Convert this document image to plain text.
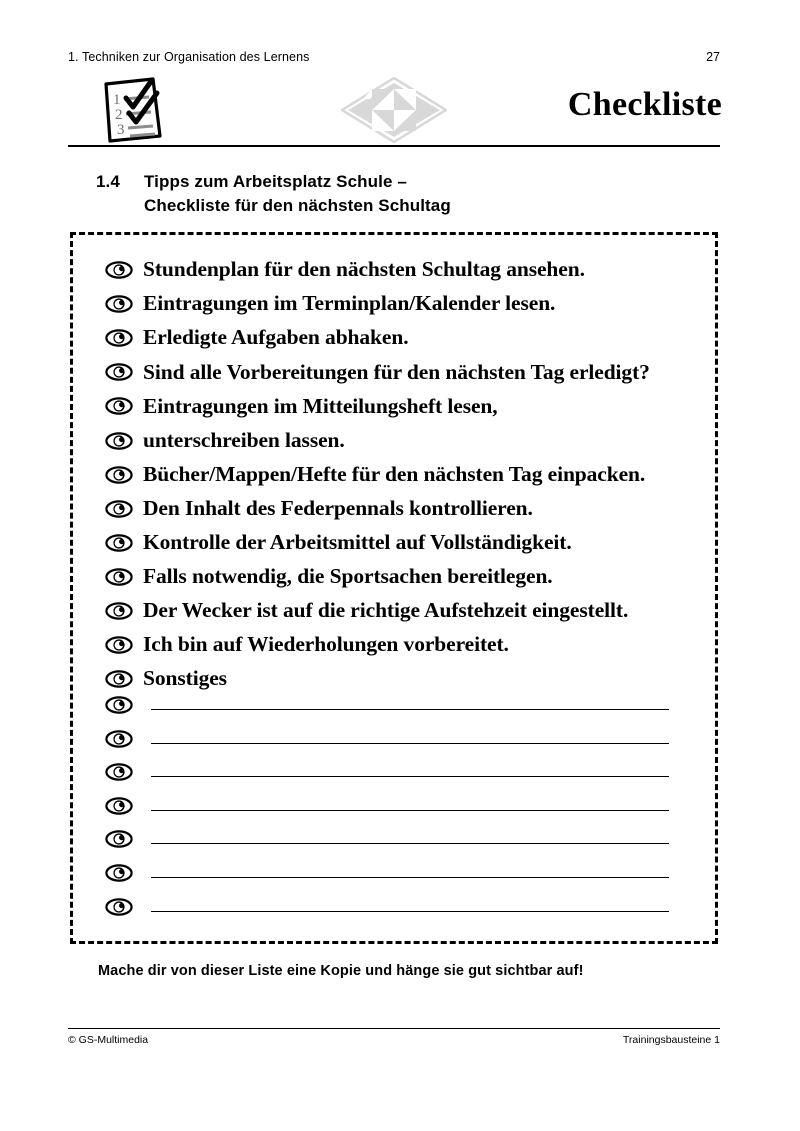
1. Techniken zur Organisation des Lernens	27
1
2
3
Checkliste
1.4	Tipps zum Arbeitsplatz Schule –
Checkliste für den nächsten Schultag
Stundenplan für den nächsten Schultag ansehen.
Eintragungen im Terminplan/Kalender lesen.
Erledigte Aufgaben abhaken.
Sind alle Vorbereitungen für den nächsten Tag erledigt?
Eintragungen im Mitteilungsheft lesen,
unterschreiben lassen.
Bücher/Mappen/Hefte für den nächsten Tag einpacken.
Den Inhalt des Federpennals kontrollieren.
Kontrolle der Arbeitsmittel auf Vollständigkeit.
Falls notwendig, die Sportsachen bereitlegen.
Der Wecker ist auf die richtige Aufstehzeit eingestellt.
Ich bin auf Wiederholungen vorbereitet.
Sonstiges
Mache dir von dieser Liste eine Kopie und hänge sie gut sichtbar auf!
© GS-Multimedia	Trainingsbausteine 1
